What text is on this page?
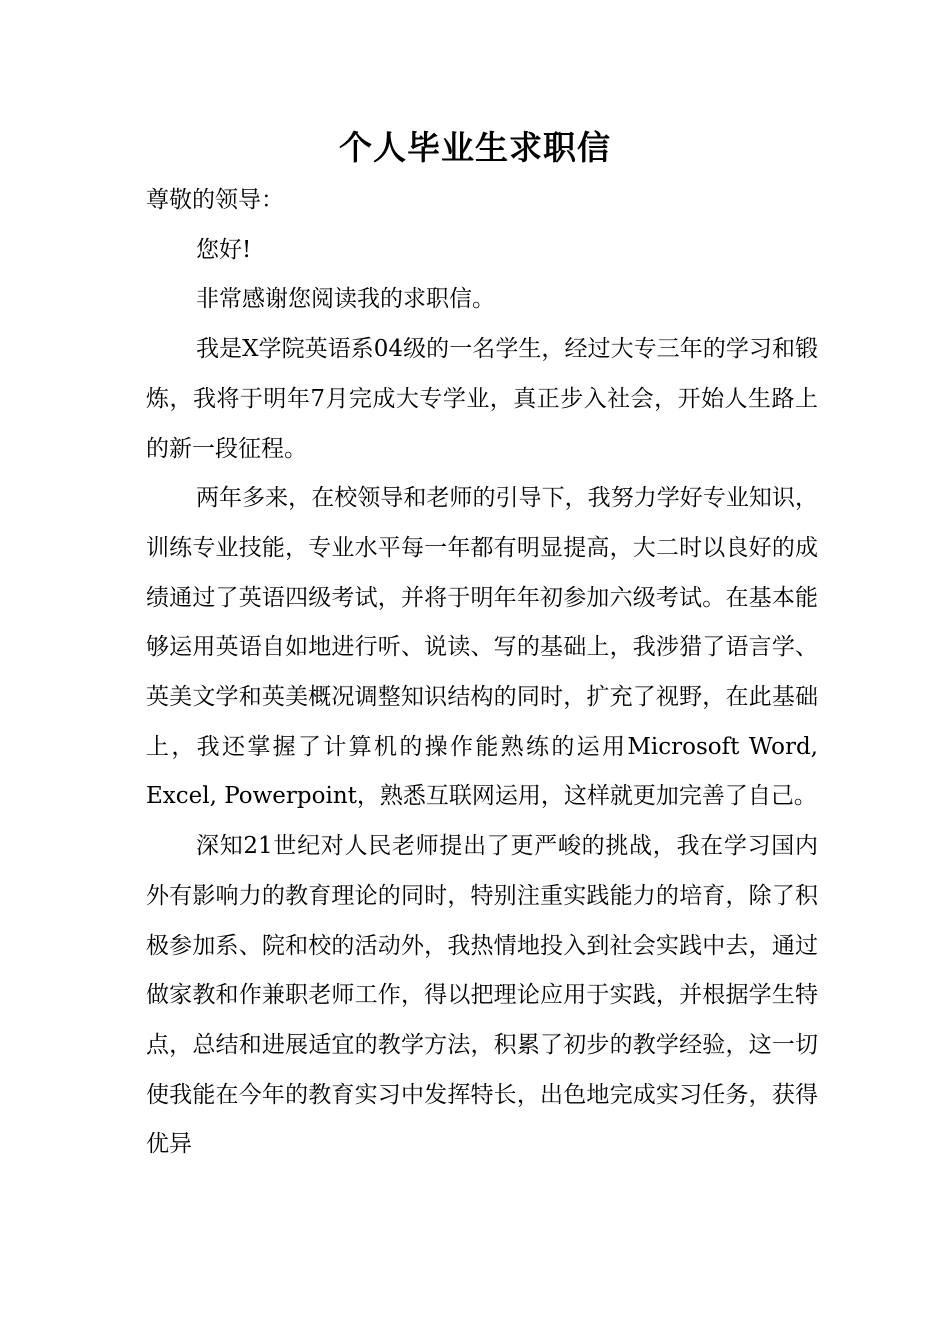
个人毕业生求职信

尊敬的领导：

您好!

非常感谢您阅读我的求职信。

我是X学院英语系04级的一名学生，经过大专三年的学习和锻炼，我将于明年7月完成大专学业，真正步入社会，开始人生路上的新一段征程。

两年多来，在校领导和老师的引导下，我努力学好专业知识，训练专业技能，专业水平每一年都有明显提高，大二时以良好的成绩通过了英语四级考试，并将于明年年初参加六级考试。在基本能够运用英语自如地进行听、说读、写的基础上，我涉猎了语言学、英美文学和英美概况调整知识结构的同时，扩充了视野，在此基础上，我还掌握了计算机的操作能熟练的运用Microsoft Word, Excel, Powerpoint，熟悉互联网运用，这样就更加完善了自己。

深知21世纪对人民老师提出了更严峻的挑战，我在学习国内外有影响力的教育理论的同时，特别注重实践能力的培育，除了积极参加系、院和校的活动外，我热情地投入到社会实践中去，通过做家教和作兼职老师工作，得以把理论应用于实践，并根据学生特点，总结和进展适宜的教学方法，积累了初步的教学经验，这一切使我能在今年的教育实习中发挥特长，出色地完成实习任务，获得优异
